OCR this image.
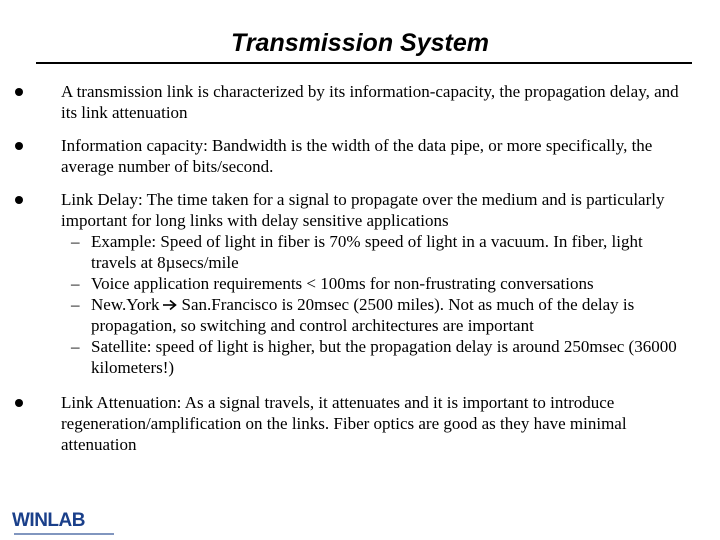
Transmission System
A transmission link is characterized by its information-capacity, the propagation delay, and its link attenuation
Information capacity: Bandwidth is the width of the data pipe, or more specifically, the average number of bits/second.
Link Delay: The time taken for a signal to propagate over the medium and is particularly important for long links with delay sensitive applications
– Example: Speed of light in fiber is 70% speed of light in a vacuum. In fiber, light travels at 8µsecs/mile
– Voice application requirements < 100ms for non-frustrating conversations
– New.York San.Francisco is 20msec (2500 miles). Not as much of the delay is propagation, so switching and control architectures are important
– Satellite: speed of light is higher, but the propagation delay is around 250msec (36000 kilometers!)
Link Attenuation: As a signal travels, it attenuates and it is important to introduce regeneration/amplification on the links. Fiber optics are good as they have minimal attenuation
WINLAB
